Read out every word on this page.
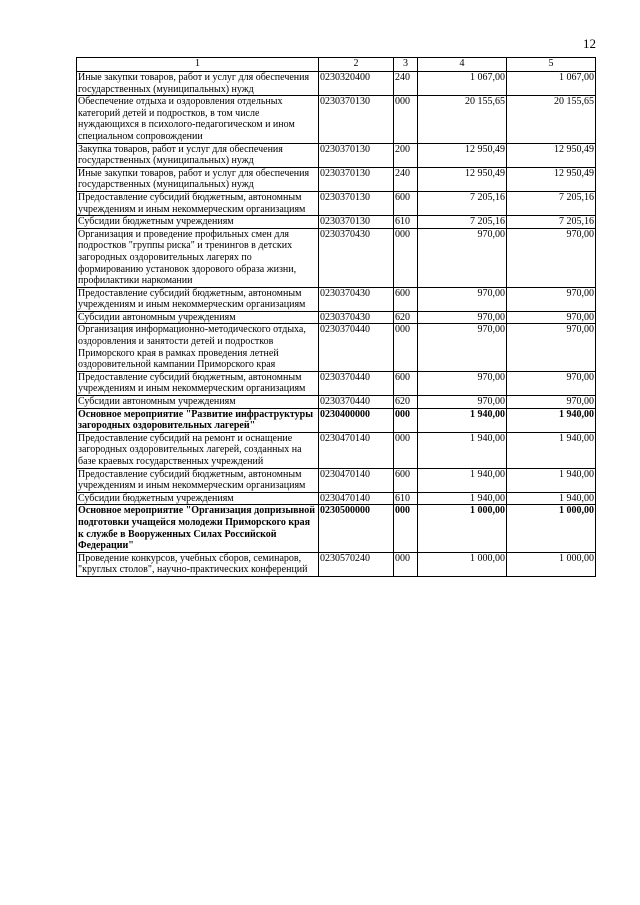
12
1	2	3	4	5
Иные закупки товаров, работ и услуг для обеспечения государственных (муниципальных) нужд	0230320400	240	1 067,00	1 067,00
Обеспечение отдыха и оздоровления отдельных категорий детей и подростков, в том числе нуждающихся в психолого-педагогическом и ином специальном сопровождении	0230370130	000	20 155,65	20 155,65
Закупка товаров, работ и услуг для обеспечения государственных (муниципальных) нужд	0230370130	200	12 950,49	12 950,49
Иные закупки товаров, работ и услуг для обеспечения государственных (муниципальных) нужд	0230370130	240	12 950,49	12 950,49
Предоставление субсидий бюджетным, автономным учреждениям и иным некоммерческим организациям	0230370130	600	7 205,16	7 205,16
Субсидии бюджетным учреждениям	0230370130	610	7 205,16	7 205,16
Организация и проведение профильных смен для подростков "группы риска" и тренингов в детских загородных оздоровительных лагерях по формированию установок здорового образа жизни, профилактики наркомании	0230370430	000	970,00	970,00
Предоставление субсидий бюджетным, автономным учреждениям и иным некоммерческим организациям	0230370430	600	970,00	970,00
Субсидии автономным учреждениям	0230370430	620	970,00	970,00
Организация информационно-методического отдыха, оздоровления и занятости детей и подростков Приморского края в рамках проведения летней оздоровительной кампании Приморского края	0230370440	000	970,00	970,00
Предоставление субсидий бюджетным, автономным учреждениям и иным некоммерческим организациям	0230370440	600	970,00	970,00
Субсидии автономным учреждениям	0230370440	620	970,00	970,00
Основное мероприятие "Развитие инфраструктуры загородных оздоровительных лагерей"	0230400000	000	1 940,00	1 940,00
Предоставление субсидий на ремонт и оснащение загородных оздоровительных лагерей, созданных на базе краевых государственных учреждений	0230470140	000	1 940,00	1 940,00
Предоставление субсидий бюджетным, автономным учреждениям и иным некоммерческим организациям	0230470140	600	1 940,00	1 940,00
Субсидии бюджетным учреждениям	0230470140	610	1 940,00	1 940,00
Основное мероприятие "Организация допризывной подготовки учащейся молодежи Приморского края к службе в Вооруженных Силах Российской Федерации"	0230500000	000	1 000,00	1 000,00
Проведение конкурсов, учебных сборов, семинаров, "круглых столов", научно-практических конференций	0230570240	000	1 000,00	1 000,00
